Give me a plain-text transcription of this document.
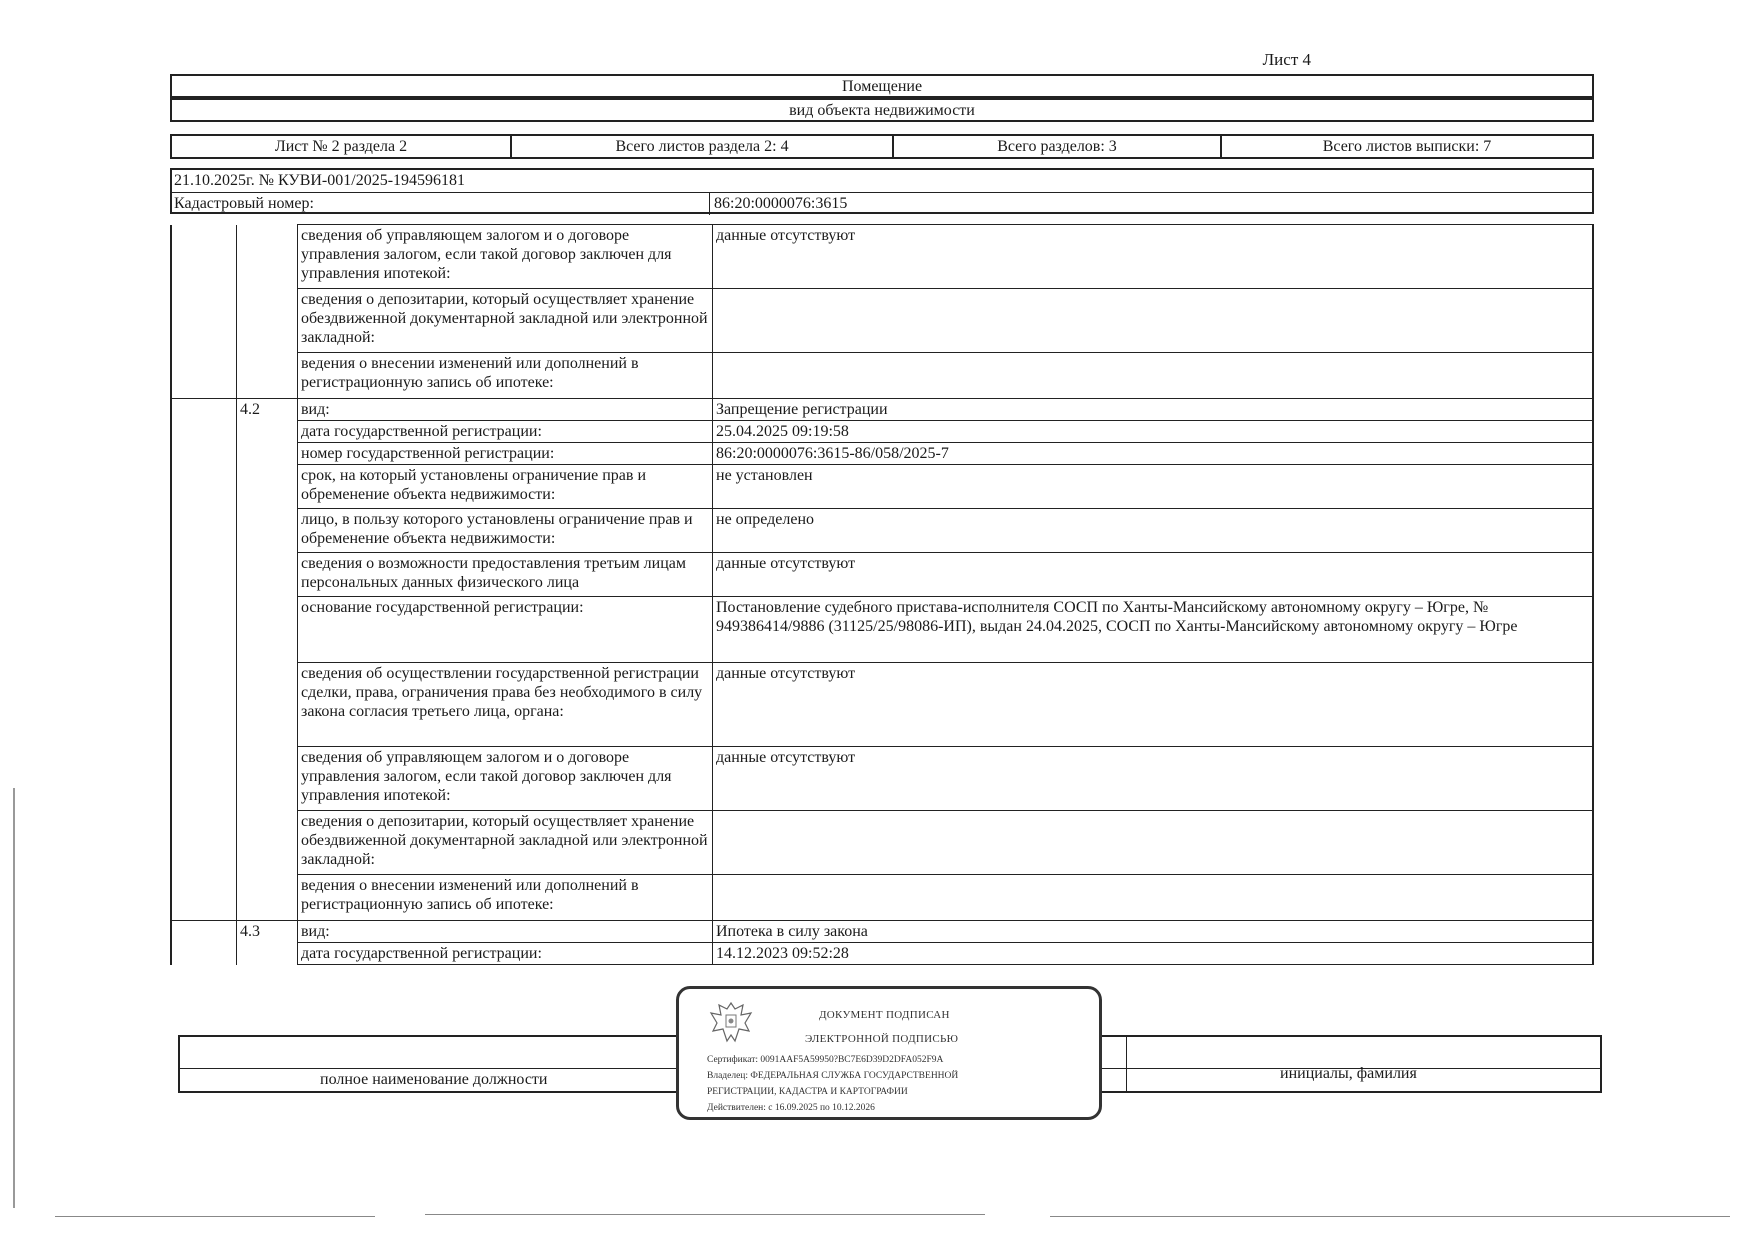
Лист 4
Помещение
вид объекта недвижимости
Лист № 2 раздела 2	Всего листов раздела 2: 4	Всего разделов: 3	Всего листов выписки: 7
21.10.2025г. № КУВИ-001/2025-194596181
Кадастровый номер:	86:20:0000076:3615
		сведения об управляющем залогом и о договоре управления залогом, если такой договор заключен для управления ипотекой:	данные отсутствуют
		сведения о депозитарии, который осуществляет хранение обездвиженной документарной закладной или электронной закладной:	
		ведения о внесении изменений или дополнений в регистрационную запись об ипотеке:	
	4.2	вид:	Запрещение регистрации
		дата государственной регистрации:	25.04.2025 09:19:58
		номер государственной регистрации:	86:20:0000076:3615-86/058/2025-7
		срок, на который установлены ограничение прав и обременение объекта недвижимости:	не установлен
		лицо, в пользу которого установлены ограничение прав и обременение объекта недвижимости:	не определено
		сведения о возможности предоставления третьим лицам персональных данных физического лица	данные отсутствуют
		основание государственной регистрации:	Постановление судебного пристава-исполнителя СОСП по Ханты-Мансийскому автономному округу – Югре, № 949386414/9886 (31125/25/98086-ИП), выдан 24.04.2025, СОСП по Ханты-Мансийскому автономному округу – Югре
		сведения об осуществлении государственной регистрации сделки, права, ограничения права без необходимого в силу закона согласия третьего лица, органа:	данные отсутствуют
		сведения об управляющем залогом и о договоре управления залогом, если такой договор заключен для управления ипотекой:	данные отсутствуют
		сведения о депозитарии, который осуществляет хранение обездвиженной документарной закладной или электронной закладной:	
		ведения о внесении изменений или дополнений в регистрационную запись об ипотеке:	
	4.3	вид:	Ипотека в силу закона
		дата государственной регистрации:	14.12.2023 09:52:28
полное наименование должности	инициалы, фамилия
ДОКУМЕНТ ПОДПИСАН
ЭЛЕКТРОННОЙ ПОДПИСЬЮ
Сертификат: 0091AAF5A59950?BC7E6D39D2DFA052F9A
Владелец: ФЕДЕРАЛЬНАЯ СЛУЖБА ГОСУДАРСТВЕННОЙ
РЕГИСТРАЦИИ, КАДАСТРА И КАРТОГРАФИИ
Действителен: с 16.09.2025 по 10.12.2026
